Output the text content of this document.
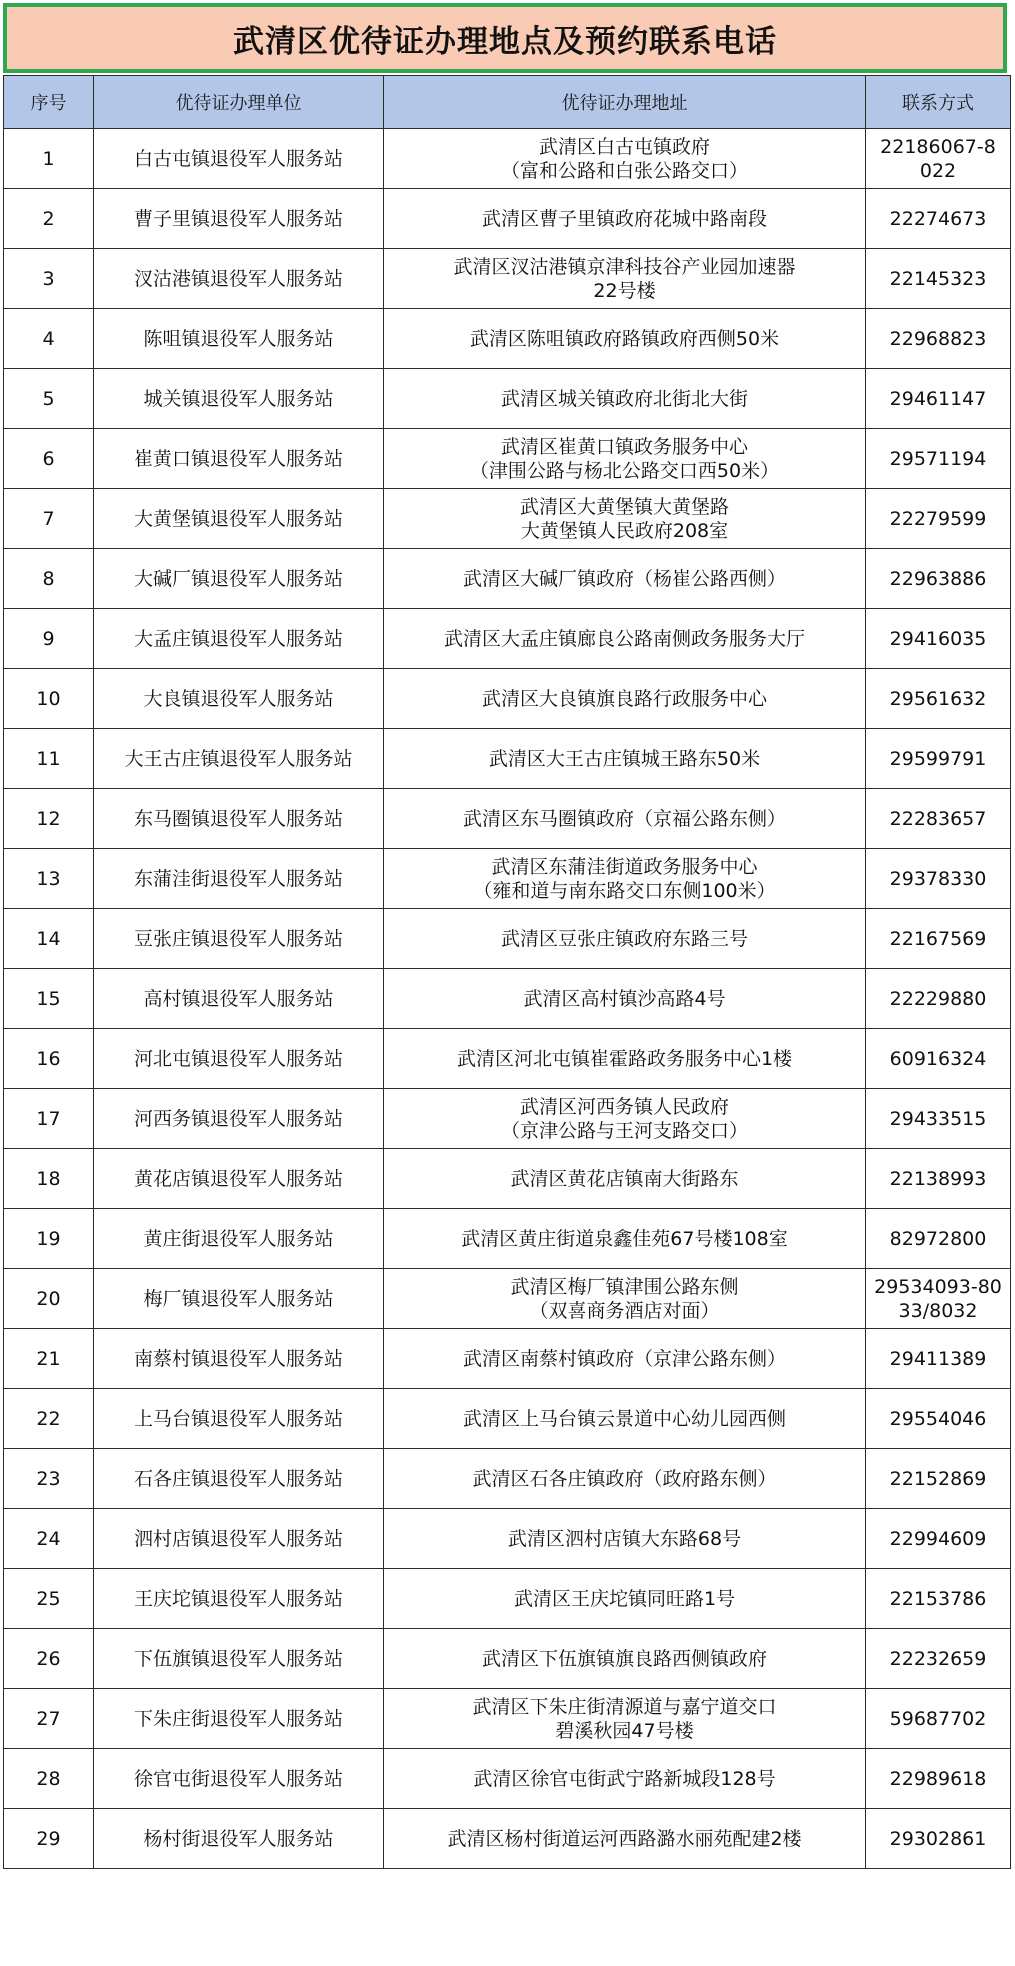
武清区优待证办理地点及预约联系电话
序号	优待证办理单位	优待证办理地址	联系方式
1	白古屯镇退役军人服务站	武清区白古屯镇政府
（富和公路和白张公路交口）	22186067-8
022

2	曹子里镇退役军人服务站	武清区曹子里镇政府花城中路南段	22274673

3	汊沽港镇退役军人服务站	武清区汊沽港镇京津科技谷产业园加速器
22号楼	22145323

4	陈咀镇退役军人服务站	武清区陈咀镇政府路镇政府西侧50米	22968823

5	城关镇退役军人服务站	武清区城关镇政府北街北大街	29461147

6	崔黄口镇退役军人服务站	武清区崔黄口镇政务服务中心
（津围公路与杨北公路交口西50米）	29571194

7	大黄堡镇退役军人服务站	武清区大黄堡镇大黄堡路
大黄堡镇人民政府208室	22279599

8	大碱厂镇退役军人服务站	武清区大碱厂镇政府（杨崔公路西侧）	22963886

9	大孟庄镇退役军人服务站	武清区大孟庄镇廊良公路南侧政务服务大厅	29416035

10	大良镇退役军人服务站	武清区大良镇旗良路行政服务中心	29561632

11	大王古庄镇退役军人服务站	武清区大王古庄镇城王路东50米	29599791

12	东马圈镇退役军人服务站	武清区东马圈镇政府（京福公路东侧）	22283657

13	东蒲洼街退役军人服务站	武清区东蒲洼街道政务服务中心
（雍和道与南东路交口东侧100米）	29378330

14	豆张庄镇退役军人服务站	武清区豆张庄镇政府东路三号	22167569

15	高村镇退役军人服务站	武清区高村镇沙高路4号	22229880

16	河北屯镇退役军人服务站	武清区河北屯镇崔霍路政务服务中心1楼	60916324

17	河西务镇退役军人服务站	武清区河西务镇人民政府
（京津公路与王河支路交口）	29433515

18	黄花店镇退役军人服务站	武清区黄花店镇南大街路东	22138993

19	黄庄街退役军人服务站	武清区黄庄街道泉鑫佳苑67号楼108室	82972800

20	梅厂镇退役军人服务站	武清区梅厂镇津围公路东侧
（双喜商务酒店对面）	29534093-80
33/8032

21	南蔡村镇退役军人服务站	武清区南蔡村镇政府（京津公路东侧）	29411389

22	上马台镇退役军人服务站	武清区上马台镇云景道中心幼儿园西侧	29554046

23	石各庄镇退役军人服务站	武清区石各庄镇政府（政府路东侧）	22152869

24	泗村店镇退役军人服务站	武清区泗村店镇大东路68号	22994609

25	王庆坨镇退役军人服务站	武清区王庆坨镇同旺路1号	22153786

26	下伍旗镇退役军人服务站	武清区下伍旗镇旗良路西侧镇政府	22232659

27	下朱庄街退役军人服务站	武清区下朱庄街清源道与嘉宁道交口
碧溪秋园47号楼	59687702

28	徐官屯街退役军人服务站	武清区徐官屯街武宁路新城段128号	22989618

29	杨村街退役军人服务站	武清区杨村街道运河西路潞水丽苑配建2楼	29302861
